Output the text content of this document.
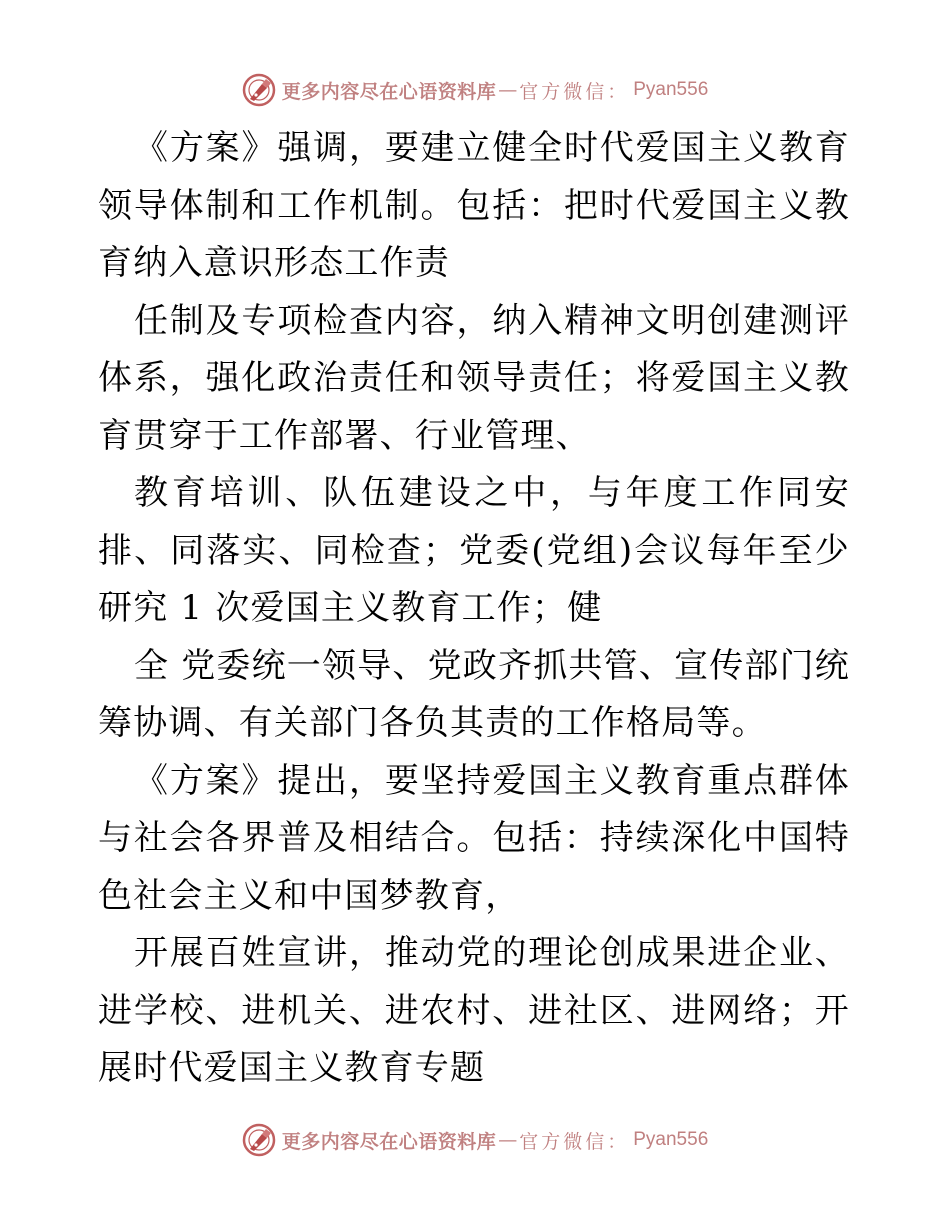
更多内容尽在心语资料库 — 官方微信： Pyan556

《方案》强调，要建立健全时代爱国主义教育领导体制和工作机制。包括：把时代爱国主义教育纳入意识形态工作责

任制及专项检查内容，纳入精神文明创建测评体系，强化政治责任和领导责任；将爱国主义教育贯穿于工作部署、行业管理、

教育培训、队伍建设之中，与年度工作同安排、同落实、同检查；党委(党组)会议每年至少研究 1 次爱国主义教育工作；健

全 党委统一领导、党政齐抓共管、宣传部门统筹协调、有关部门各负其责的工作格局等。

《方案》提出，要坚持爱国主义教育重点群体与社会各界普及相结合。包括：持续深化中国特色社会主义和中国梦教育，

开展百姓宣讲，推动党的理论创成果进企业、进学校、进机关、进农村、进社区、进网络；开展时代爱国主义教育专题

更多内容尽在心语资料库 — 官方微信： Pyan556
